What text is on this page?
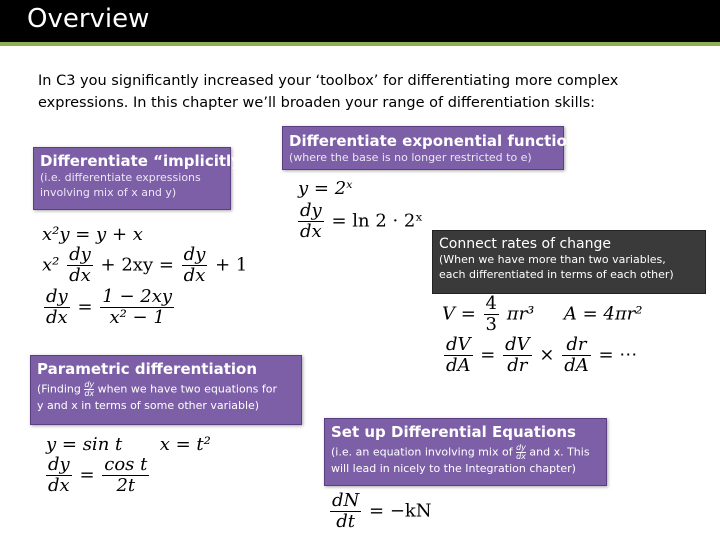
Overview
In C3 you significantly increased your ‘toolbox’ for differentiating more complex expressions. In this chapter we’ll broaden your range of differentiation skills:
Differentiate “implicitly”
(i.e. differentiate expressions
involving mix of x and y)
Differentiate exponential function
(where the base is no longer restricted to e)
Connect rates of change
(When we have more than two variables,
each differentiated in terms of each other)
Parametric differentiation
(Finding $\frac{dy}{dx}$ when we have two equations for
y and x in terms of some other variable)
Set up Differential Equations
(i.e. an equation involving mix of $\frac{dy}{dx}$ and x. This
will lead in nicely to the Integration chapter)
x²y = y + x
$x^2 \frac{dy}{dx} + 2xy = \frac{dy}{dx} + 1$
$\frac{dy}{dx} = \frac{1 - 2xy}{\text{x² − 1}}$
y = 2ˣ
$\frac{dy}{dx} = \ln 2$ · 2ˣ
$V = \frac{4}{3} \pi r^3$ A = 4πr²
$\frac{dV}{dA} = \frac{dV}{dr} \times \frac{dr}{dA}$ = ⋯
y = sin t x = t²
$\frac{dy}{dx} = \frac{\text{cos t}}{2t}$
$\frac{dN}{dt} = -kN$
